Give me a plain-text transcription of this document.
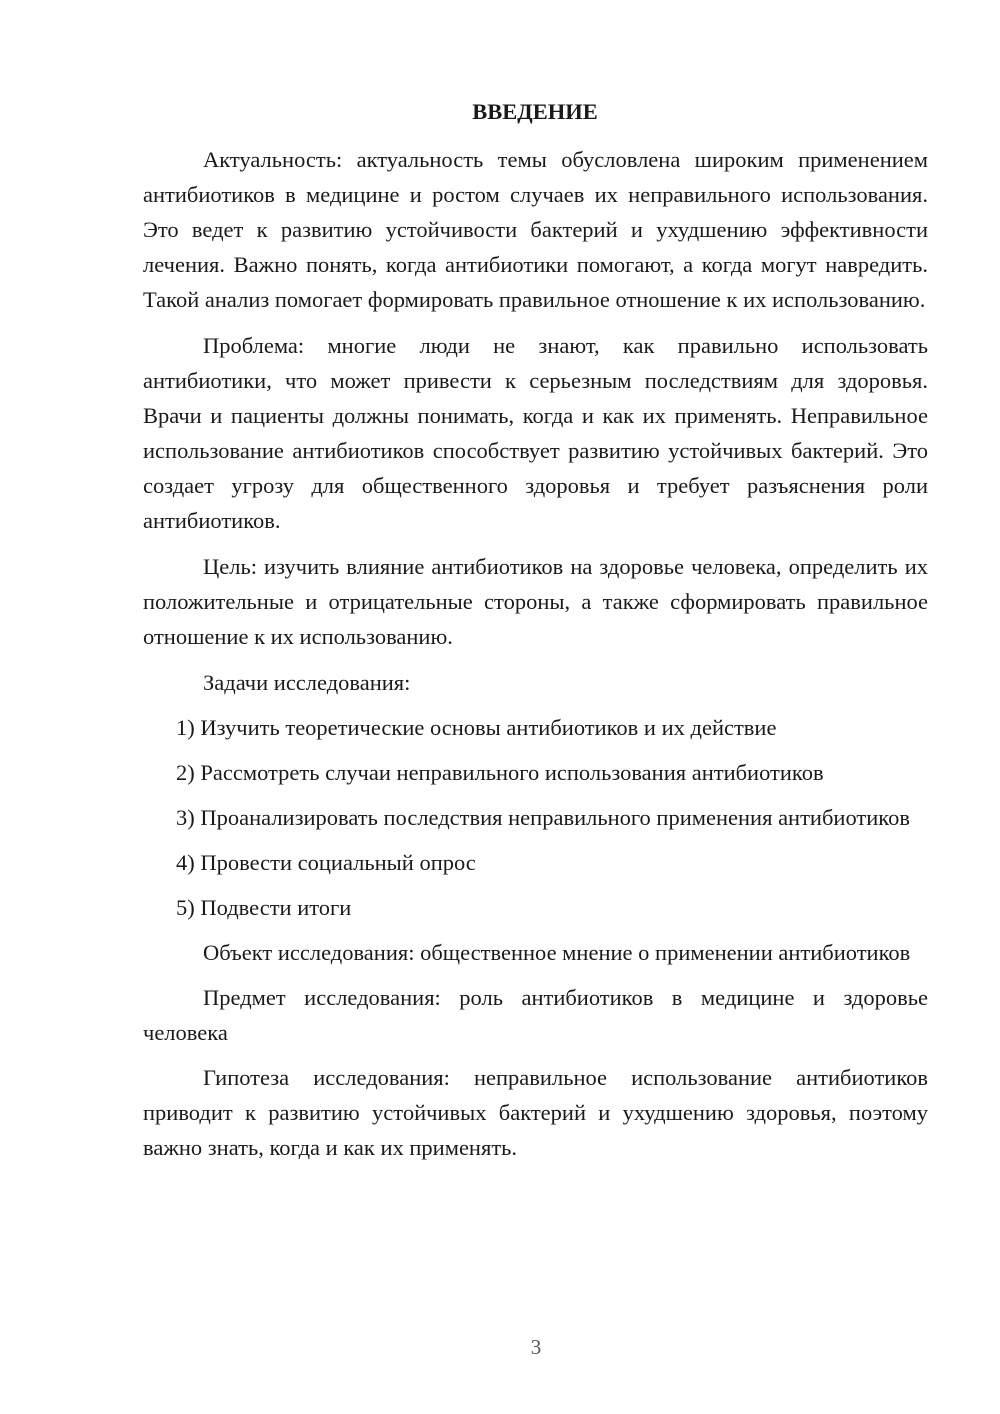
ВВЕДЕНИЕ

Актуальность: актуальность темы обусловлена широким применением антибиотиков в медицине и ростом случаев их неправильного использования. Это ведет к развитию устойчивости бактерий и ухудшению эффективности лечения. Важно понять, когда антибиотики помогают, а когда могут навредить. Такой анализ помогает формировать правильное отношение к их использованию.

Проблема: многие люди не знают, как правильно использовать антибиотики, что может привести к серьезным последствиям для здоровья. Врачи и пациенты должны понимать, когда и как их применять. Неправильное использование антибиотиков способствует развитию устойчивых бактерий. Это создает угрозу для общественного здоровья и требует разъяснения роли антибиотиков.

Цель: изучить влияние антибиотиков на здоровье человека, определить их положительные и отрицательные стороны, а также сформировать правильное отношение к их использованию.

Задачи исследования:

1) Изучить теоретические основы антибиотиков и их действие

2) Рассмотреть случаи неправильного использования антибиотиков

3) Проанализировать последствия неправильного применения антибиотиков

4) Провести социальный опрос

5) Подвести итоги

Объект исследования: общественное мнение о применении антибиотиков

Предмет исследования: роль антибиотиков в медицине и здоровье человека

Гипотеза исследования: неправильное использование антибиотиков приводит к развитию устойчивых бактерий и ухудшению здоровья, поэтому важно знать, когда и как их применять.

3
